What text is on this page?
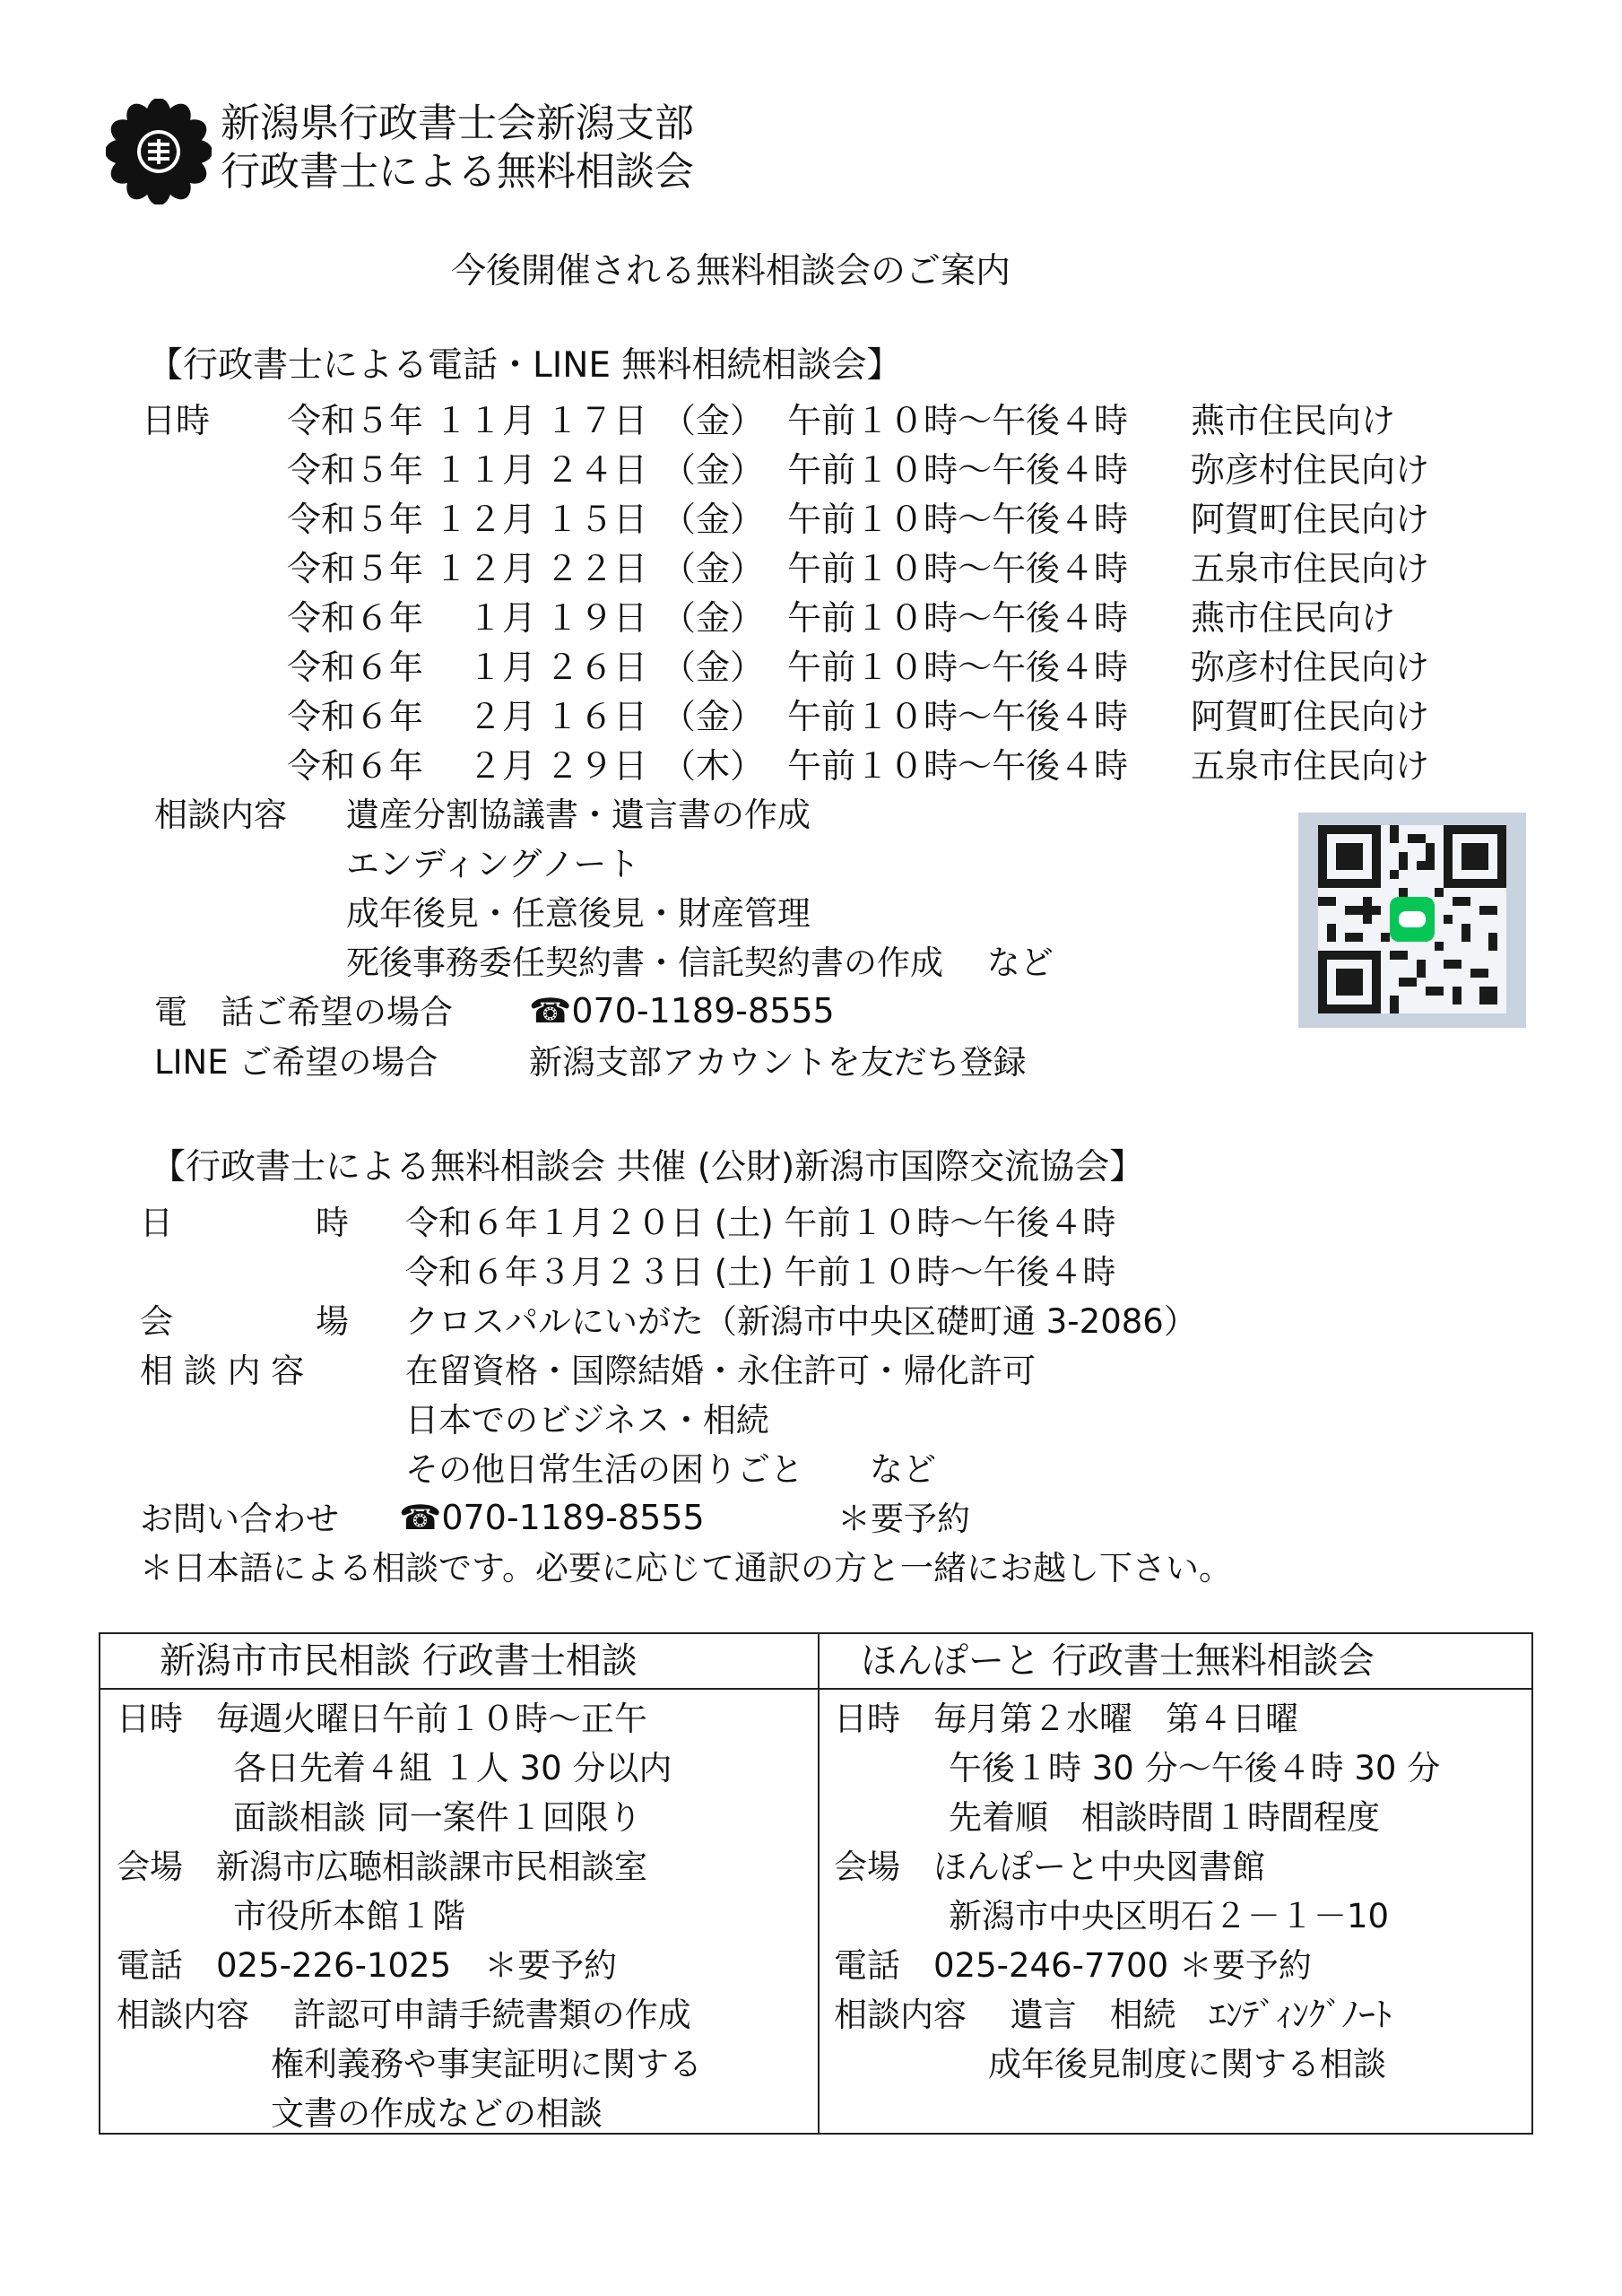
新潟県行政書士会新潟支部
行政書士による無料相談会
今後開催される無料相談会のご案内
【行政書士による電話・LINE 無料相続相談会】
日時 令和５年 １１月 １７日 （金） 午前１０時～午後４時 燕市住民向け
令和５年 １１月 ２４日 （金） 午前１０時～午後４時 弥彦村住民向け
令和５年 １２月 １５日 （金） 午前１０時～午後４時 阿賀町住民向け
令和５年 １２月 ２２日 （金） 午前１０時～午後４時 五泉市住民向け
令和６年 １月 １９日 （金） 午前１０時～午後４時 燕市住民向け
令和６年 １月 ２６日 （金） 午前１０時～午後４時 弥彦村住民向け
令和６年 ２月 １６日 （金） 午前１０時～午後４時 阿賀町住民向け
令和６年 ２月 ２９日 （木） 午前１０時～午後４時 五泉市住民向け
相談内容 遺産分割協議書・遺言書の作成
エンディングノート
成年後見・任意後見・財産管理
死後事務委任契約書・信託契約書の作成　 など
電　話ご希望の場合 ☎070-1189-8555
LINE ご希望の場合	新潟支部アカウントを友だち登録
【行政書士による無料相談会 共催 (公財)新潟市国際交流協会】
日	時 令和６年１月２０日 (土) 午前１０時～午後４時
令和６年３月２３日 (土) 午前１０時～午後４時
会	場 クロスパルにいがた（新潟市中央区礎町通 3-2086）
相 談 内 容	在留資格・国際結婚・永住許可・帰化許可
日本でのビジネス・相続
その他日常生活の困りごと　　など
お問い合わせ ☎070-1189-8555	＊要予約
＊日本語による相談です。必要に応じて通訳の方と一緒にお越し下さい。
新潟市市民相談 行政書士相談	ほんぽーと 行政書士無料相談会
日時　毎週火曜日午前１０時～正午
各日先着４組 １人 30 分以内
面談相談 同一案件１回限り
会場　新潟市広聴相談課市民相談室
市役所本館１階
電話　025-226-1025　＊要予約
相談内容　 許認可申請手続書類の作成
権利義務や事実証明に関する
文書の作成などの相談
日時　毎月第２水曜　第４日曜
午後１時 30 分～午後４時 30 分
先着順　相談時間１時間程度
会場　ほんぽーと中央図書館
新潟市中央区明石２－１－10
電話　025-246-7700 ＊要予約
相談内容　 遺言　相続　ｴﾝﾃﾞｨﾝｸﾞﾉｰﾄ
成年後見制度に関する相談
